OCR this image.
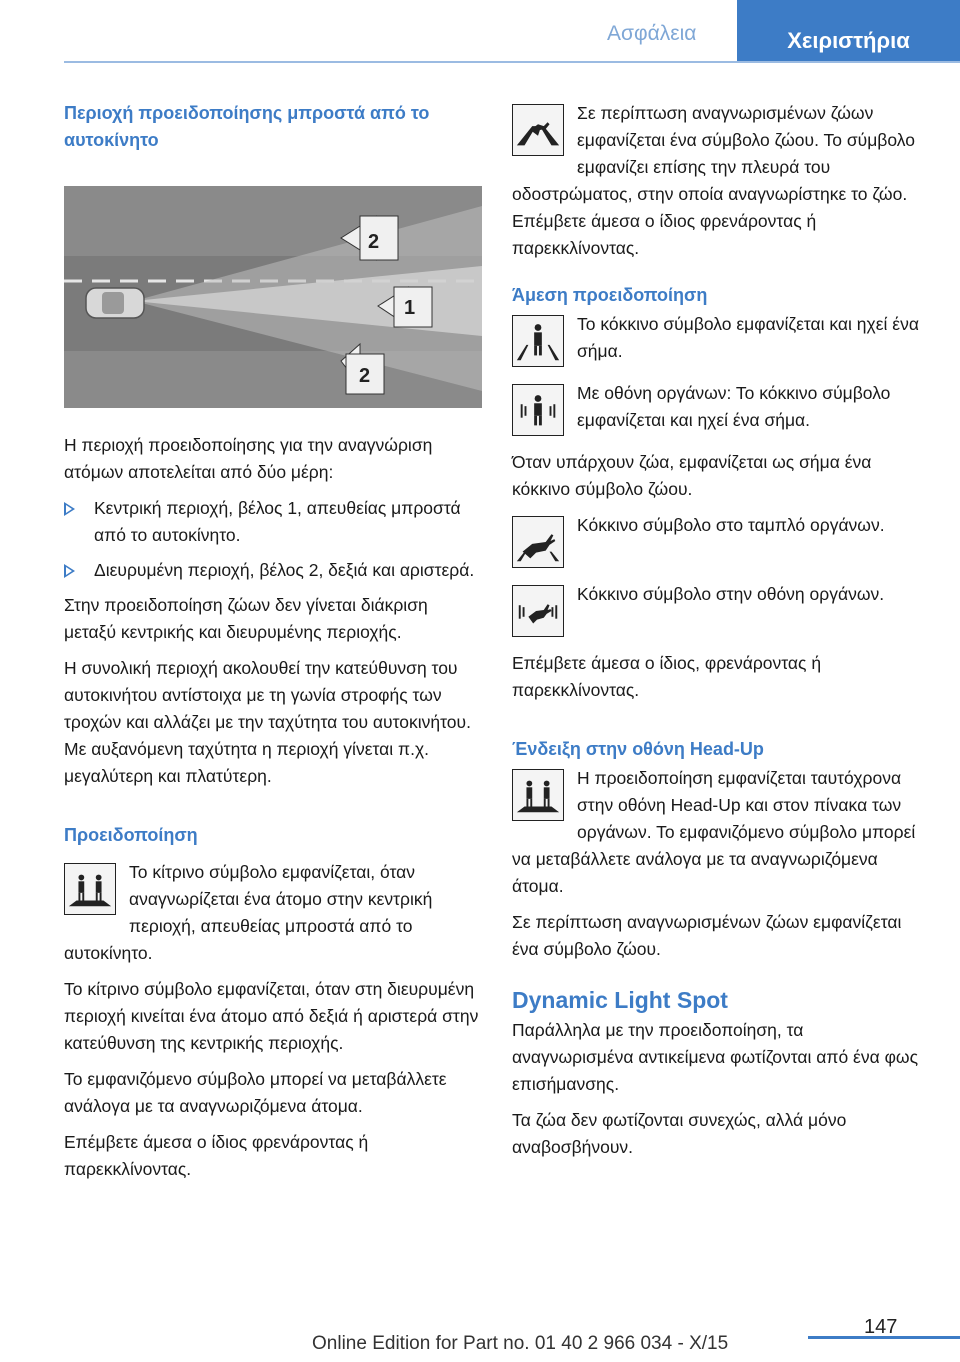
Ασφάλεια	Χειριστήρια
Περιοχή προειδοποίησης μπροστά από το αυτοκίνητο
2
1
2
Η περιοχή προειδοποίησης για την αναγνώριση ατόμων αποτελείται από δύο μέρη:
Κεντρική περιοχή, βέλος 1, απευθείας μπροστά από το αυτοκίνητο.
Διευρυμένη περιοχή, βέλος 2, δεξιά και αριστερά.
Στην προειδοποίηση ζώων δεν γίνεται διάκριση μεταξύ κεντρικής και διευρυμένης περιοχής.
Η συνολική περιοχή ακολουθεί την κατεύθυνση του αυτοκινήτου αντίστοιχα με τη γωνία στροφής των τροχών και αλλάζει με την ταχύτητα του αυτοκινήτου. Με αυξανόμενη ταχύτητα η περιοχή γίνεται π.χ. μεγαλύτερη και πλατύτερη.
Προειδοποίηση
Το κίτρινο σύμβολο εμφανίζεται, όταν αναγνωρίζεται ένα άτομο στην κεντρική περιοχή, απευθείας μπροστά από το αυτοκίνητο.
Το κίτρινο σύμβολο εμφανίζεται, όταν στη διευρυμένη περιοχή κινείται ένα άτομο από δεξιά ή αριστερά στην κατεύθυνση της κεντρικής περιοχής.
Το εμφανιζόμενο σύμβολο μπορεί να μεταβάλλετε ανάλογα με τα αναγνωριζόμενα άτομα.
Επέμβετε άμεσα ο ίδιος φρενάροντας ή παρεκκλίνοντας.
Σε περίπτωση αναγνωρισμένων ζώων εμφανίζεται ένα σύμβολο ζώου. Το σύμβολο εμφανίζει επίσης την πλευρά του οδοστρώματος, στην οποία αναγνωρίστηκε το ζώο. Επέμβετε άμεσα ο ίδιος φρενάροντας ή παρεκκλίνοντας.
Άμεση προειδοποίηση
Το κόκκινο σύμβολο εμφανίζεται και ηχεί ένα σήμα.
Με οθόνη οργάνων: Το κόκκινο σύμβολο εμφανίζεται και ηχεί ένα σήμα.
Όταν υπάρχουν ζώα, εμφανίζεται ως σήμα ένα κόκκινο σύμβολο ζώου.
Κόκκινο σύμβολο στο ταμπλό οργάνων.
Κόκκινο σύμβολο στην οθόνη οργάνων.
Επέμβετε άμεσα ο ίδιος, φρενάροντας ή παρεκκλίνοντας.
Ένδειξη στην οθόνη Head-Up
Η προειδοποίηση εμφανίζεται ταυτόχρονα στην οθόνη Head-Up και στον πίνακα των οργάνων. Το εμφανιζόμενο σύμβολο μπορεί να μεταβάλλετε ανάλογα με τα αναγνωριζόμενα άτομα.
Σε περίπτωση αναγνωρισμένων ζώων εμφανίζεται ένα σύμβολο ζώου.
Dynamic Light Spot
Παράλληλα με την προειδοποίηση, τα αναγνωρισμένα αντικείμενα φωτίζονται από ένα φως επισήμανσης.
Τα ζώα δεν φωτίζονται συνεχώς, αλλά μόνο αναβοσβήνουν.
147
Online Edition for Part no. 01 40 2 966 034 - X/15
